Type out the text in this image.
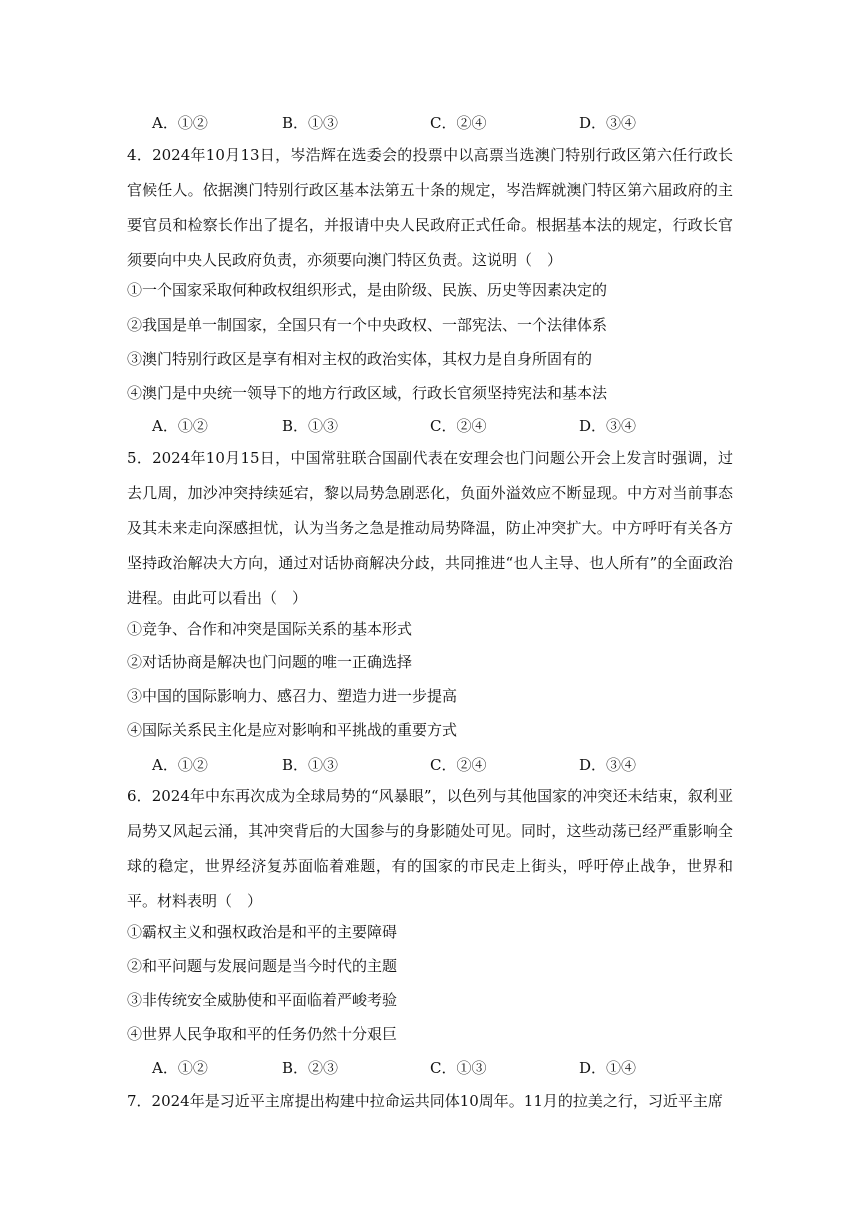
A．①②	B．①③	C．②④	D．③④
4．2024年10月13日，岑浩辉在选委会的投票中以高票当选澳门特别行政区第六任行政长官候任人。依据澳门特别行政区基本法第五十条的规定，岑浩辉就澳门特区第六届政府的主要官员和检察长作出了提名，并报请中央人民政府正式任命。根据基本法的规定，行政长官须要向中央人民政府负责，亦须要向澳门特区负责。这说明（　）
①一个国家采取何种政权组织形式，是由阶级、民族、历史等因素决定的
②我国是单一制国家，全国只有一个中央政权、一部宪法、一个法律体系
③澳门特别行政区是享有相对主权的政治实体，其权力是自身所固有的
④澳门是中央统一领导下的地方行政区域，行政长官须坚持宪法和基本法
A．①②	B．①③	C．②④	D．③④
5．2024年10月15日，中国常驻联合国副代表在安理会也门问题公开会上发言时强调，过去几周，加沙冲突持续延宕，黎以局势急剧恶化，负面外溢效应不断显现。中方对当前事态及其未来走向深感担忧，认为当务之急是推动局势降温，防止冲突扩大。中方呼吁有关各方坚持政治解决大方向，通过对话协商解决分歧，共同推进“也人主导、也人所有”的全面政治进程。由此可以看出（　）
①竞争、合作和冲突是国际关系的基本形式
②对话协商是解决也门问题的唯一正确选择
③中国的国际影响力、感召力、塑造力进一步提高
④国际关系民主化是应对影响和平挑战的重要方式
A．①②	B．①③	C．②④	D．③④
6．2024年中东再次成为全球局势的“风暴眼”，以色列与其他国家的冲突还未结束，叙利亚局势又风起云涌，其冲突背后的大国参与的身影随处可见。同时，这些动荡已经严重影响全球的稳定，世界经济复苏面临着难题，有的国家的市民走上街头，呼吁停止战争，世界和平。材料表明（　）
①霸权主义和强权政治是和平的主要障碍
②和平问题与发展问题是当今时代的主题
③非传统安全威胁使和平面临着严峻考验
④世界人民争取和平的任务仍然十分艰巨
A．①②	B．②③	C．①③	D．①④
7．2024年是习近平主席提出构建中拉命运共同体10周年。11月的拉美之行，习近平主席
